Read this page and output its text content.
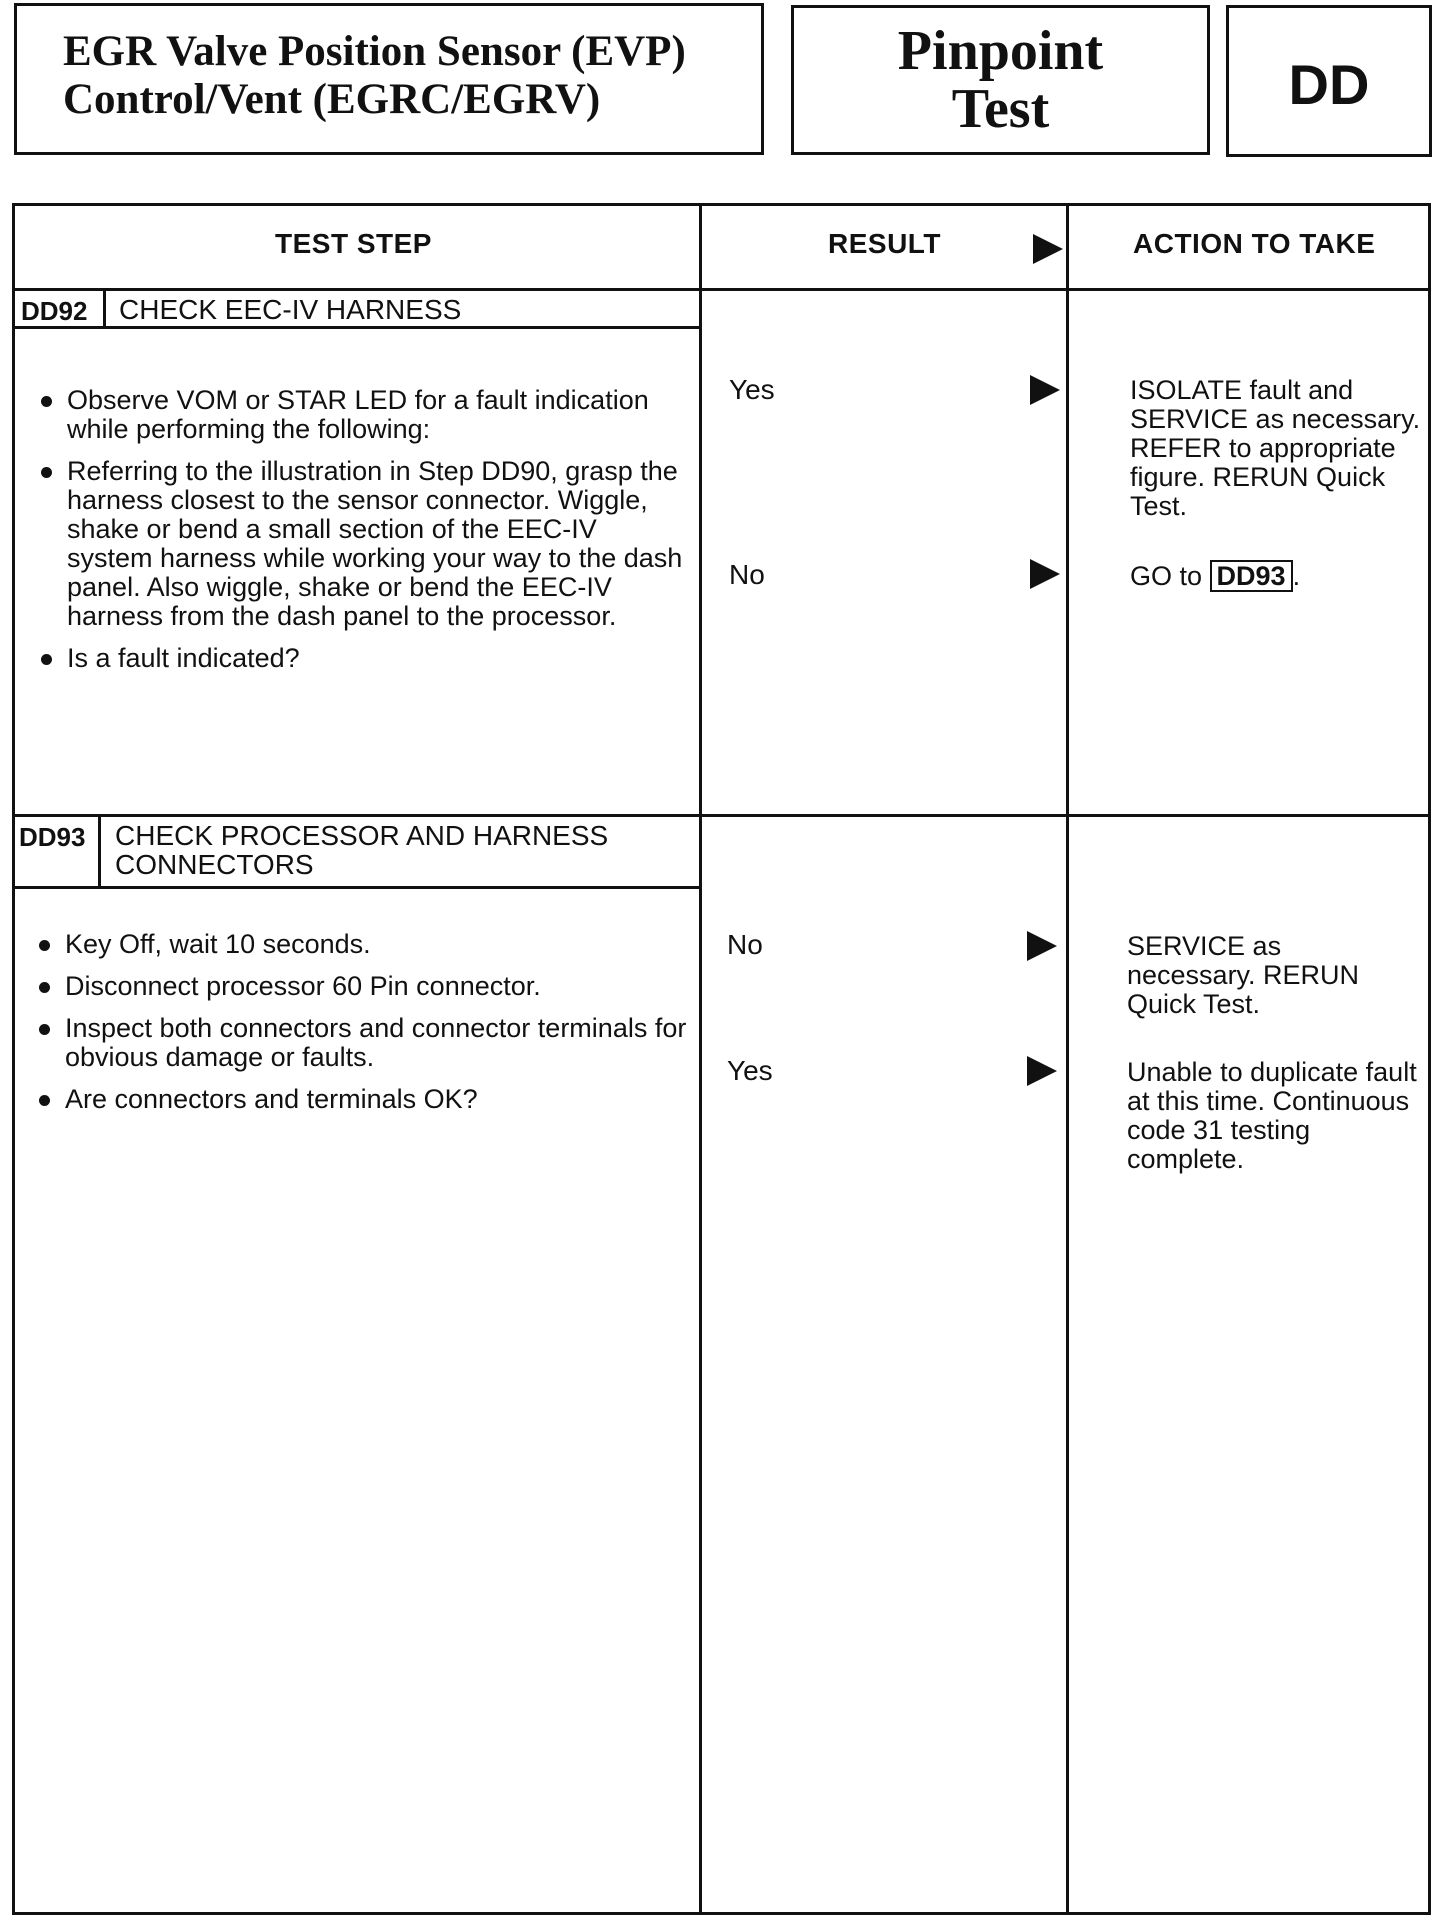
EGR Valve Position Sensor (EVP)
Control/Vent (EGRC/EGRV)
Pinpoint
Test	DD
TEST STEP	RESULT	ACTION TO TAKE
DD92 CHECK EEC-IV HARNESS
Observe VOM or STAR LED for a fault indication while performing the following:
Referring to the illustration in Step DD90, grasp the harness closest to the sensor connector. Wiggle, shake or bend a small section of the EEC-IV system harness while working your way to the dash panel. Also wiggle, shake or bend the EEC-IV harness from the dash panel to the processor.
Is a fault indicated?
Yes	ISOLATE fault and SERVICE as necessary. REFER to appropriate figure. RERUN Quick Test.
No	GO to DD93 .
DD93 CHECK PROCESSOR AND HARNESS
CONNECTORS
Key Off, wait 10 seconds.
Disconnect processor 60 Pin connector.
Inspect both connectors and connector terminals for obvious damage or faults.
Are connectors and terminals OK?
No	SERVICE as necessary. RERUN Quick Test.
Yes	Unable to duplicate fault at this time. Continuous code 31 testing complete.
